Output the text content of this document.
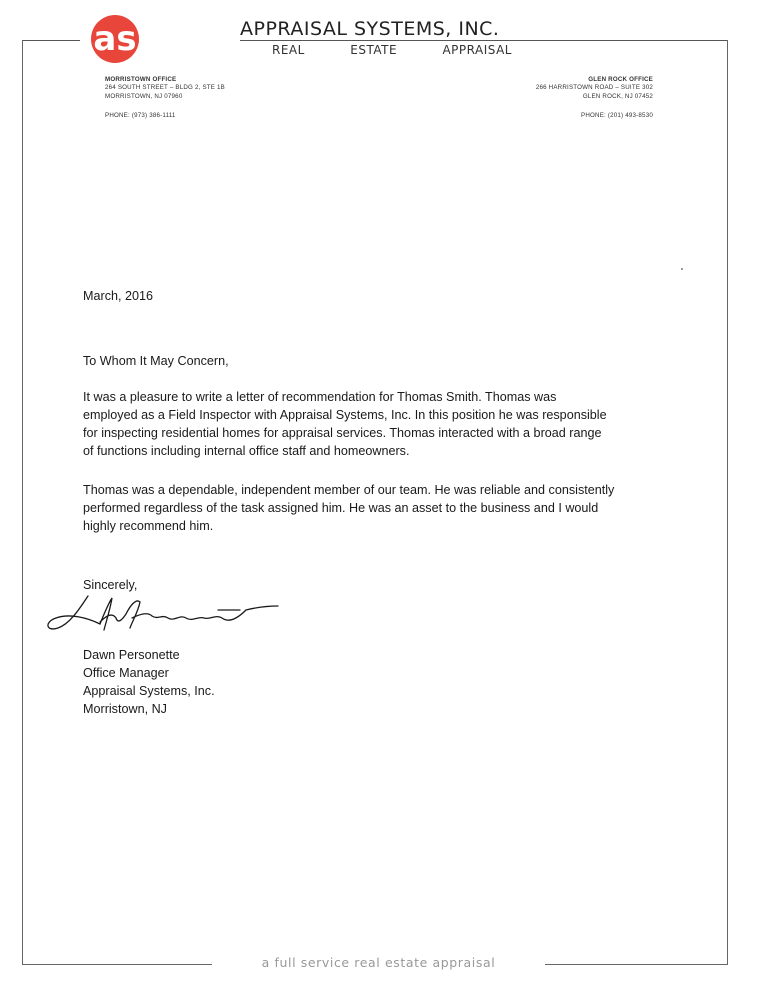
as	APPRAISAL SYSTEMS, INC.
REAL	ESTATE	APPRAISAL
MORRISTOWN OFFICE
264 SOUTH STREET – BLDG 2, STE 1B
MORRISTOWN, NJ 07960
PHONE: (973) 386-1111
GLEN ROCK OFFICE
266 HARRISTOWN ROAD – SUITE 302
GLEN ROCK, NJ 07452
PHONE: (201) 493-8530
March, 2016
To Whom It May Concern,
It was a pleasure to write a letter of recommendation for Thomas Smith. Thomas was
employed as a Field Inspector with Appraisal Systems, Inc. In this position he was responsible
for inspecting residential homes for appraisal services. Thomas interacted with a broad range
of functions including internal office staff and homeowners.
Thomas was a dependable, independent member of our team. He was reliable and consistently
performed regardless of the task assigned him. He was an asset to the business and I would
highly recommend him.
Sincerely,
Dawn Personette
Office Manager
Appraisal Systems, Inc.
Morristown, NJ
a full service real estate appraisal
